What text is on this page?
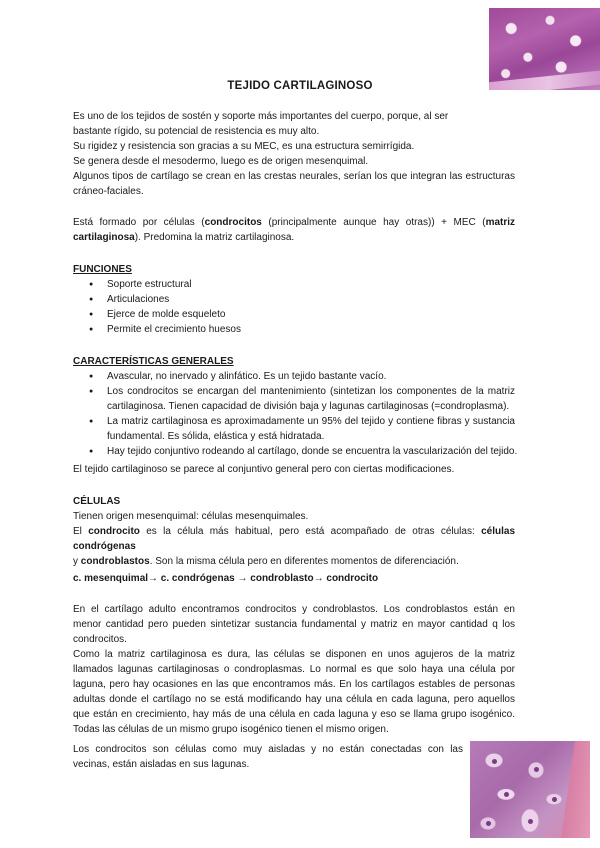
TEJIDO CARTILAGINOSO
Es uno de los tejidos de sostén y soporte más importantes del cuerpo, porque, al ser
bastante rígido, su potencial de resistencia es muy alto.
Su rigidez y resistencia son gracias a su MEC, es una estructura semirrígida.
Se genera desde el mesodermo, luego es de origen mesenquimal.
Algunos tipos de cartílago se crean en las crestas neurales, serían los que integran las estructuras
cráneo-faciales.
Está formado por células (condrocitos (principalmente aunque hay otras)) + MEC (matriz
cartilaginosa). Predomina la matriz cartilaginosa.
FUNCIONES
● Soporte estructural
● Articulaciones
● Ejerce de molde esqueleto
● Permite el crecimiento huesos
CARACTERÍSTICAS GENERALES
● Avascular, no inervado y alinfático. Es un tejido bastante vacío.
● Los condrocitos se encargan del mantenimiento (sintetizan los componentes de la matriz
cartilaginosa. Tienen capacidad de división baja y lagunas cartilaginosas (=condroplasma).
● La matriz cartilaginosa es aproximadamente un 95% del tejido y contiene fibras y sustancia
fundamental. Es sólida, elástica y está hidratada.
● Hay tejido conjuntivo rodeando al cartílago, donde se encuentra la vascularización del tejido.
El tejido cartilaginoso se parece al conjuntivo general pero con ciertas modificaciones.
CÉLULAS
Tienen origen mesenquimal: células mesenquimales.
El condrocito es la célula más habitual, pero está acompañado de otras células: células condrógenas
y condroblastos. Son la misma célula pero en diferentes momentos de diferenciación.
c. mesenquimal→ c. condrógenas → condroblasto→ condrocito
En el cartílago adulto encontramos condrocitos y condroblastos. Los condroblastos están en
menor cantidad pero pueden sintetizar sustancia fundamental y matriz en mayor cantidad q los
condrocitos.
Como la matriz cartilaginosa es dura, las células se disponen en unos agujeros de la matriz
llamados lagunas cartilaginosas o condroplasmas. Lo normal es que solo haya una célula por
laguna, pero hay ocasiones en las que encontramos más. En los cartílagos estables de personas
adultas donde el cartílago no se está modificando hay una célula en cada laguna, pero aquellos
que están en crecimiento, hay más de una célula en cada laguna y eso se llama grupo isogénico.
Todas las células de un mismo grupo isogénico tienen el mismo origen.
Los condrocitos son células como muy aisladas y no están conectadas con las
vecinas, están aisladas en sus lagunas.
